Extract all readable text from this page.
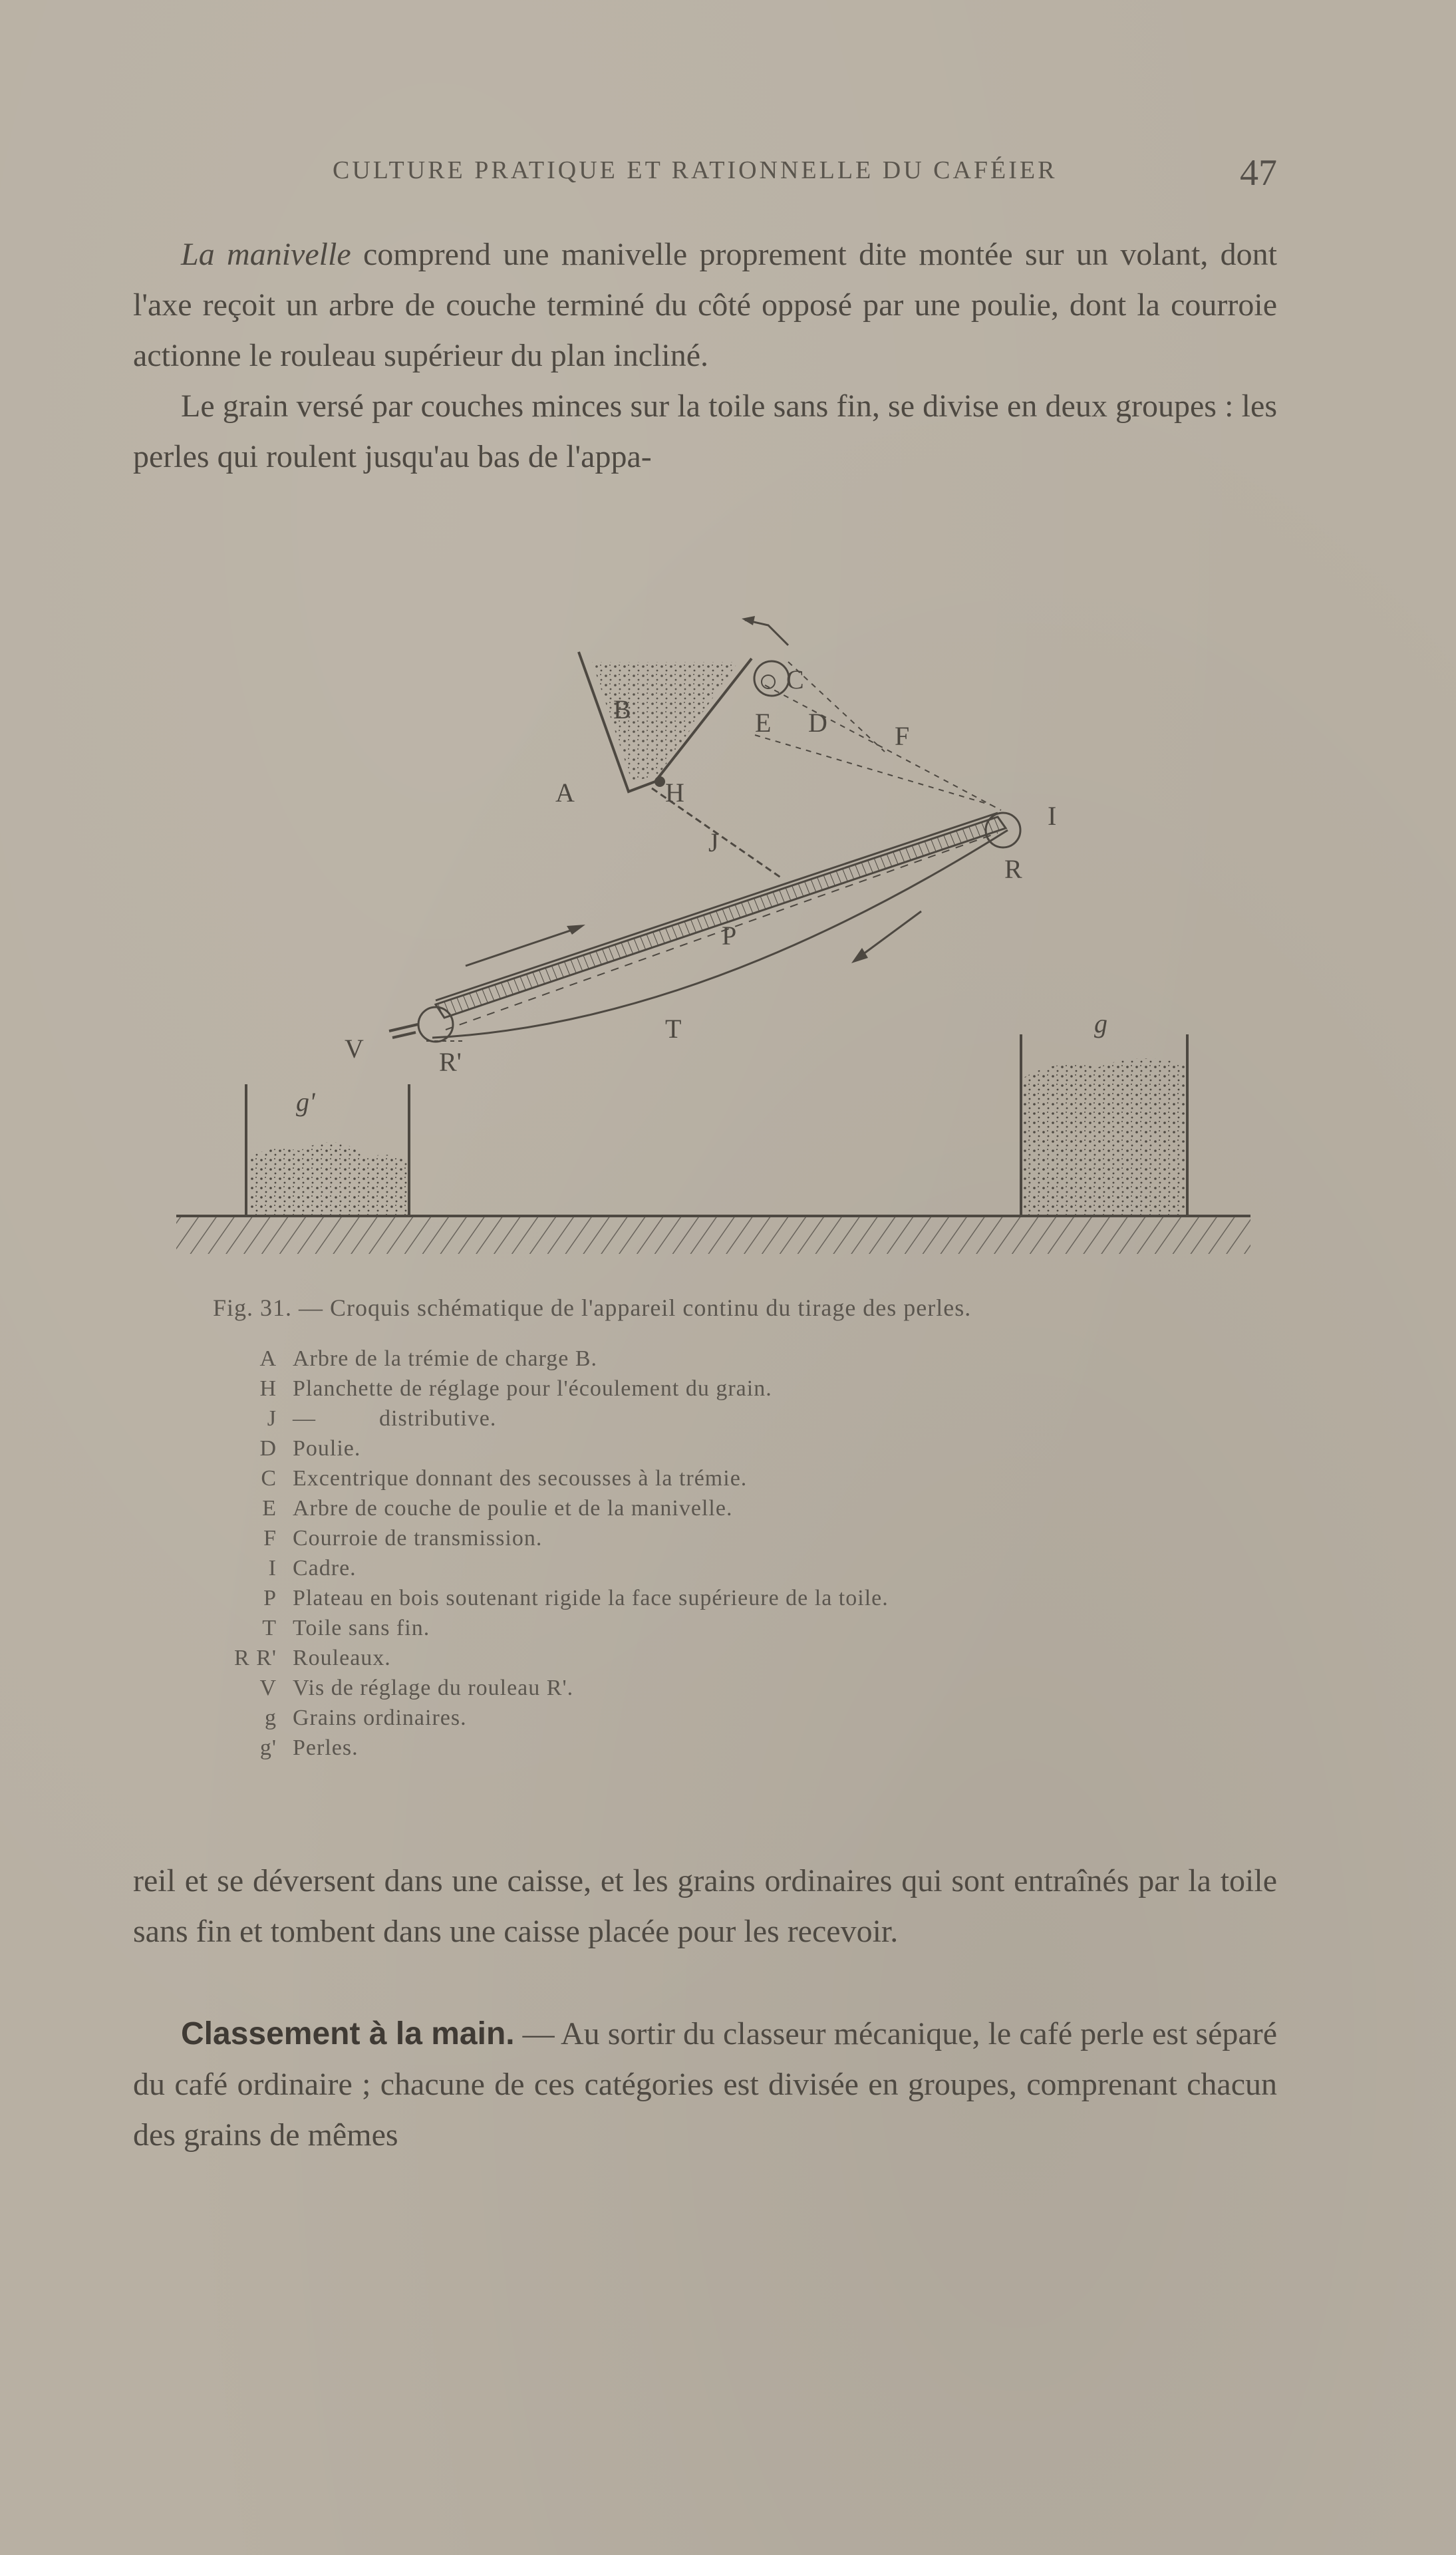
CULTURE PRATIQUE ET RATIONNELLE DU CAFÉIER	47

La manivelle comprend une manivelle proprement dite montée sur un volant, dont l'axe reçoit un arbre de couche terminé du côté opposé par une poulie, dont la courroie actionne le rouleau supérieur du plan incliné.

Le grain versé par couches minces sur la toile sans fin, se divise en deux groupes : les perles qui roulent jusqu'au bas de l'appa-

B
C
E D	F
A	H
J
I
R
P
T
V	R'
g
g'
Fig. 31. — Croquis schématique de l'appareil continu du tirage des perles.
A Arbre de la trémie de charge B.
H Planchette de réglage pour l'écoulement du grain.
J —          distributive.
D Poulie.
C Excentrique donnant des secousses à la trémie.
E Arbre de couche de poulie et de la manivelle.
F Courroie de transmission.
I Cadre.
P Plateau en bois soutenant rigide la face supérieure de la toile.
T Toile sans fin.
R R' Rouleaux.
V Vis de réglage du rouleau R'.
g Grains ordinaires.
g' Perles.

reil et se déversent dans une caisse, et les grains ordinaires qui sont entraînés par la toile sans fin et tombent dans une caisse placée pour les recevoir.

Classement à la main. — Au sortir du classeur mécanique, le café perle est séparé du café ordinaire ; chacune de ces catégories est divisée en groupes, comprenant chacun des grains de mêmes
